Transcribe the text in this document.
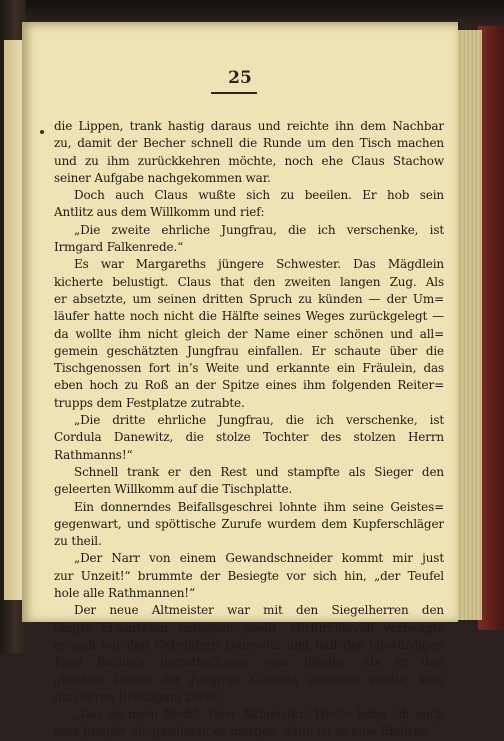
25
die Lippen, trank hastig daraus und reichte ihn dem Nachbar
zu, damit der Becher schnell die Runde um den Tisch machen
und zu ihm zurückkehren möchte, noch ehe Claus Stachow
seiner Aufgabe nachgekommen war.
Doch auch Claus wußte sich zu beeilen. Er hob sein
Antlitz aus dem Willkomm und rief:
„Die zweite ehrliche Jungfrau, die ich verschenke, ist
Irmgard Falkenrede.“
Es war Margareths jüngere Schwester. Das Mägdlein
kicherte belustigt. Claus that den zweiten langen Zug. Als
er absetzte, um seinen dritten Spruch zu künden — der Um=
läufer hatte noch nicht die Hälfte seines Weges zurückgelegt —
da wollte ihm nicht gleich der Name einer schönen und all=
gemein geschätzten Jungfrau einfallen. Er schaute über die
Tischgenossen fort in’s Weite und erkannte ein Fräulein, das
eben hoch zu Roß an der Spitze eines ihm folgenden Reiter=
trupps dem Festplatze zutrabte.
„Die dritte ehrliche Jungfrau, die ich verschenke, ist
Cordula Danewitz, die stolze Tochter des stolzen Herrn
Rathmanns!“
Schnell trank er den Rest und stampfte als Sieger den
geleerten Willkomm auf die Tischplatte.
Ein donnerndes Beifallsgeschrei lohnte ihm seine Geistes=
gegenwart, und spöttische Zurufe wurdem dem Kupferschläger
zu theil.
„Der Narr von einem Gewandschneider kommt mir just
zur Unzeit!“ brummte der Besiegte vor sich hin, „der Teufel
hole alle Rathmannen!“
Der neue Altmeister war mit den Siegelherren den
längst Erwarteten entgegen geeilt, ehrfurchtsvoll verbeugte
er sich vor den Gebrüdern Danewitz und half der lobwürdigen
Frau Barbara dienstbeflissen vom Pferde. Als er den
gleichen Dienst der Jungfrau Cordula erweisen wollte, kam
ihm deren Bräutigam zuvor:
„Das ist mein Recht, Herr Altmeister! Heute hebe ich noch
eine Jungfer ab, geschieht es morgen, dann ist es eine Ehefrau.“
